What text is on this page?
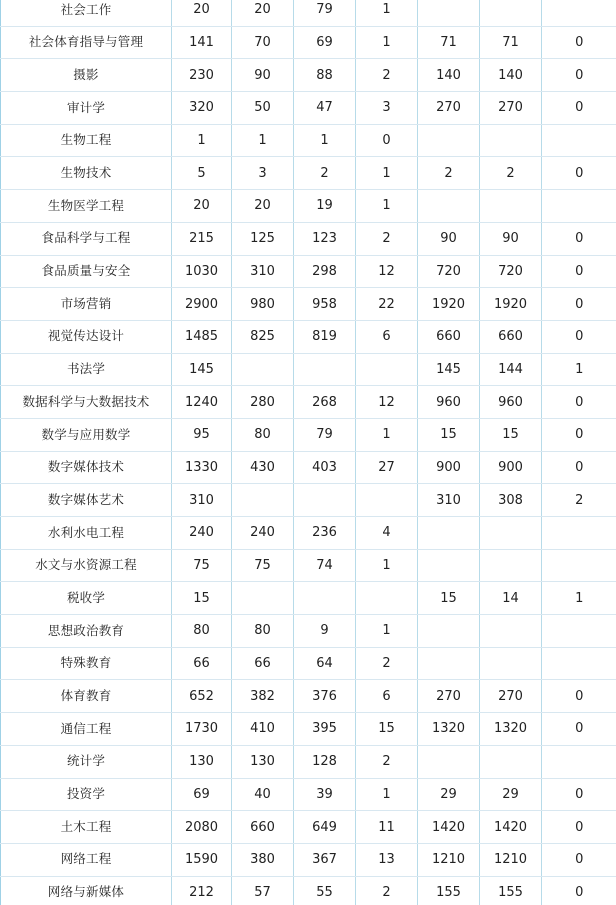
社会工作	20	20	79	1			
社会体育指导与管理	141	70	69	1	71	71	0
摄影	230	90	88	2	140	140	0
审计学	320	50	47	3	270	270	0
生物工程	1	1	1	0			
生物技术	5	3	2	1	2	2	0
生物医学工程	20	20	19	1			
食品科学与工程	215	125	123	2	90	90	0
食品质量与安全	1030	310	298	12	720	720	0
市场营销	2900	980	958	22	1920	1920	0
视觉传达设计	1485	825	819	6	660	660	0
书法学	145				145	144	1
数据科学与大数据技术	1240	280	268	12	960	960	0
数学与应用数学	95	80	79	1	15	15	0
数字媒体技术	1330	430	403	27	900	900	0
数字媒体艺术	310				310	308	2
水利水电工程	240	240	236	4			
水文与水资源工程	75	75	74	1			
税收学	15				15	14	1
思想政治教育	80	80	9	1			
特殊教育	66	66	64	2			
体育教育	652	382	376	6	270	270	0
通信工程	1730	410	395	15	1320	1320	0
统计学	130	130	128	2			
投资学	69	40	39	1	29	29	0
土木工程	2080	660	649	11	1420	1420	0
网络工程	1590	380	367	13	1210	1210	0
网络与新媒体	212	57	55	2	155	155	0
